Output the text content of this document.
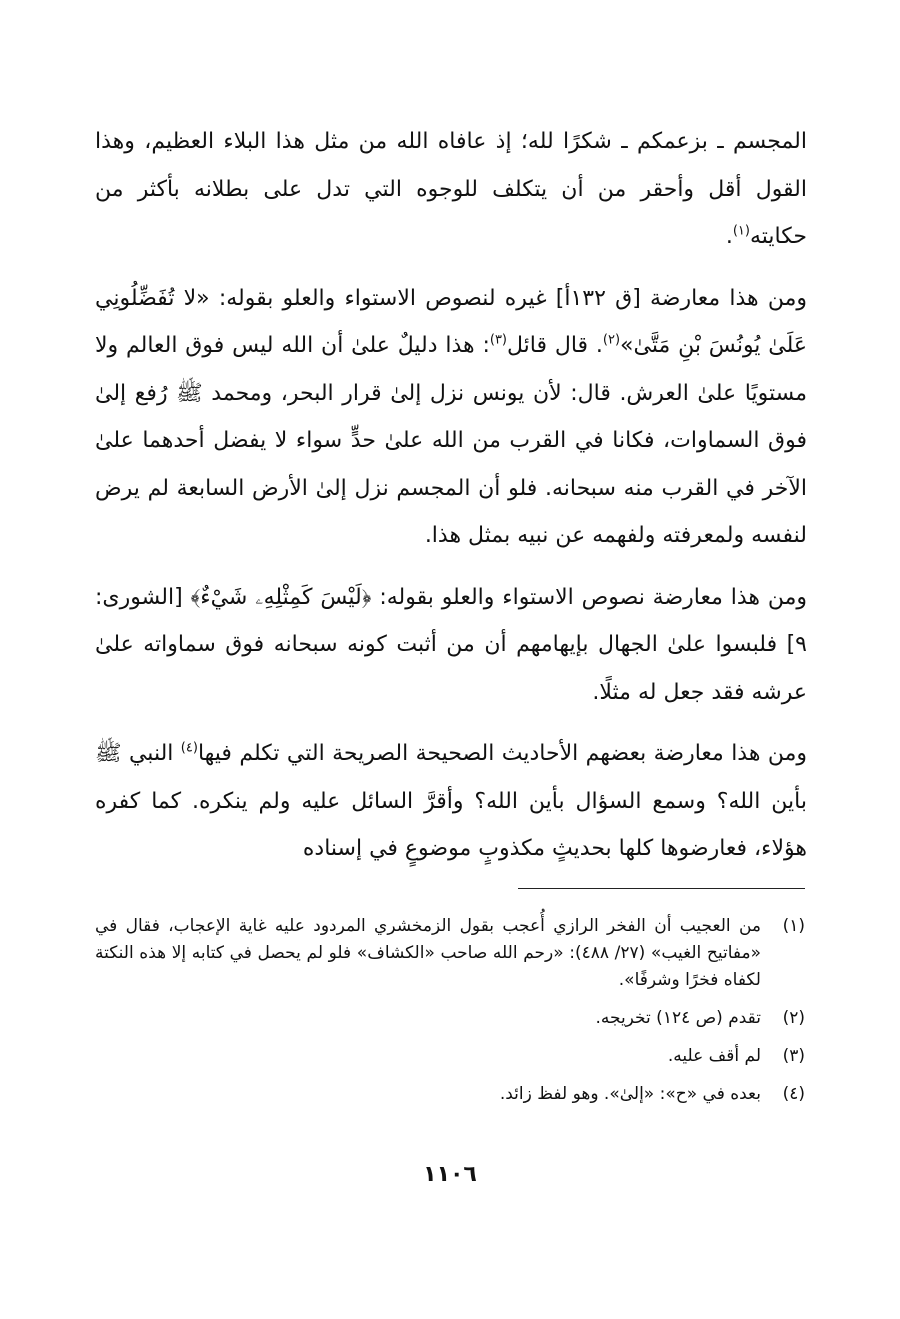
المجسم ـ بزعمكم ـ شكرًا لله؛ إذ عافاه الله من مثل هذا البلاء العظيم، وهذا القول أقل وأحقر من أن يتكلف للوجوه التي تدل على بطلانه بأكثر من حكايته$^{(١)}$.

ومن هذا معارضة [ق ١٣٢أ] غيره لنصوص الاستواء والعلو بقوله: «لا تُفَضِّلُونِي عَلَىٰ يُونُسَ بْنِ مَتَّىٰ»$^{(٢)}$. قال قائل$^{(٣)}$: هذا دليلٌ علىٰ أن الله ليس فوق العالم ولا مستويًا علىٰ العرش. قال: لأن يونس نزل إلىٰ قرار البحر، ومحمد ﷺ رُفع إلىٰ فوق السماوات، فكانا في القرب من الله علىٰ حدٍّ سواء لا يفضل أحدهما علىٰ الآخر في القرب منه سبحانه. فلو أن المجسم نزل إلىٰ الأرض السابعة لم يرض لنفسه ولمعرفته ولفهمه عن نبيه بمثل هذا.

ومن هذا معارضة نصوص الاستواء والعلو بقوله: ﴿لَيْسَ كَمِثْلِهِۦ شَيْءٌ﴾ [الشورى: ٩] فلبسوا علىٰ الجهال بإيهامهم أن من أثبت كونه سبحانه فوق سماواته علىٰ عرشه فقد جعل له مثلًا.

ومن هذا معارضة بعضهم الأحاديث الصحيحة الصريحة التي تكلم فيها$^{(٤)}$ النبي ﷺ بأين الله؟ وسمع السؤال بأين الله؟ وأقرَّ السائل عليه ولم ينكره. كما كفره هؤلاء، فعارضوها كلها بحديثٍ مكذوبٍ موضوعٍ في إسناده

(١)
من العجيب أن الفخر الرازي أُعجب بقول الزمخشري المردود عليه غاية الإعجاب، فقال في «مفاتيح الغيب» (٢٧/ ٤٨٨): «رحم الله صاحب «الكشاف» فلو لم يحصل في كتابه إلا هذه النكتة لكفاه فخرًا وشرفًا».
(٢)
تقدم (ص ١٢٤) تخريجه.
(٣)
لم أقف عليه.
(٤)
بعده في «ح»: «إلىٰ». وهو لفظ زائد.
١١٠٦
